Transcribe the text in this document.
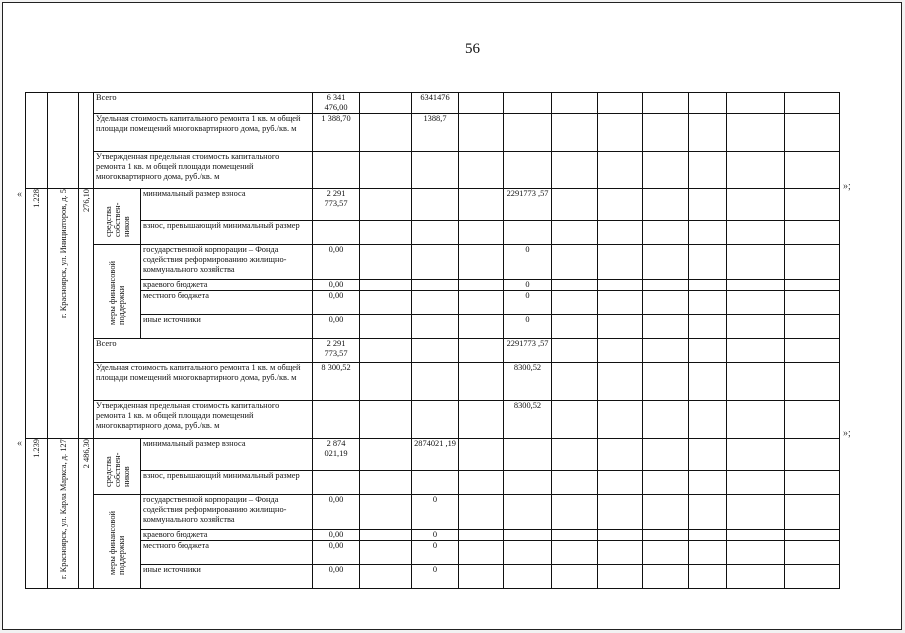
56
«
»;
«
»;
			Всего		6 341 476,00		6341476								
			Удельная стоимость капитального ремонта 1 кв. м общей площади помещений многоквартирного дома, руб./кв. м		1 388,70		1388,7								
			Утвержденная предельная стоимость капитального ремонта 1 кв. м общей площади помещений многоквартирного дома, руб./кв. м												

1.228	г. Красноярск, ул. Инициаторов, д. 5	276,10	средства собствен- ников	минимальный размер взноса	2 291 773,57				2291773 ,57						
				взнос, превышающий минимальный размер											

			меры финансовой поддержки	государственной корпорации – Фонда содействия реформированию жилищно-коммунального хозяйства	0,00				0						
				краевого бюджета	0,00				0						
				местного бюджета	0,00				0						
				иные источники	0,00				0						
			Всего		2 291 773,57				2291773 ,57						
			Удельная стоимость капитального ремонта 1 кв. м общей площади помещений многоквартирного дома, руб./кв. м		8 300,52				8300,52						
			Утвержденная предельная стоимость капитального ремонта 1 кв. м общей площади помещений многоквартирного дома, руб./кв. м						8300,52						

1.239	г. Красноярск, ул. Карла Маркса, д. 127	2 486,30	средства собствен- ников	минимальный размер взноса	2 874 021,19		2874021 ,19								
				взнос, превышающий минимальный размер											

			меры финансовой поддержки	государственной корпорации – Фонда содействия реформированию жилищно-коммунального хозяйства	0,00		0								
				краевого бюджета	0,00		0								
				местного бюджета	0,00		0								
				иные источники	0,00		0								
